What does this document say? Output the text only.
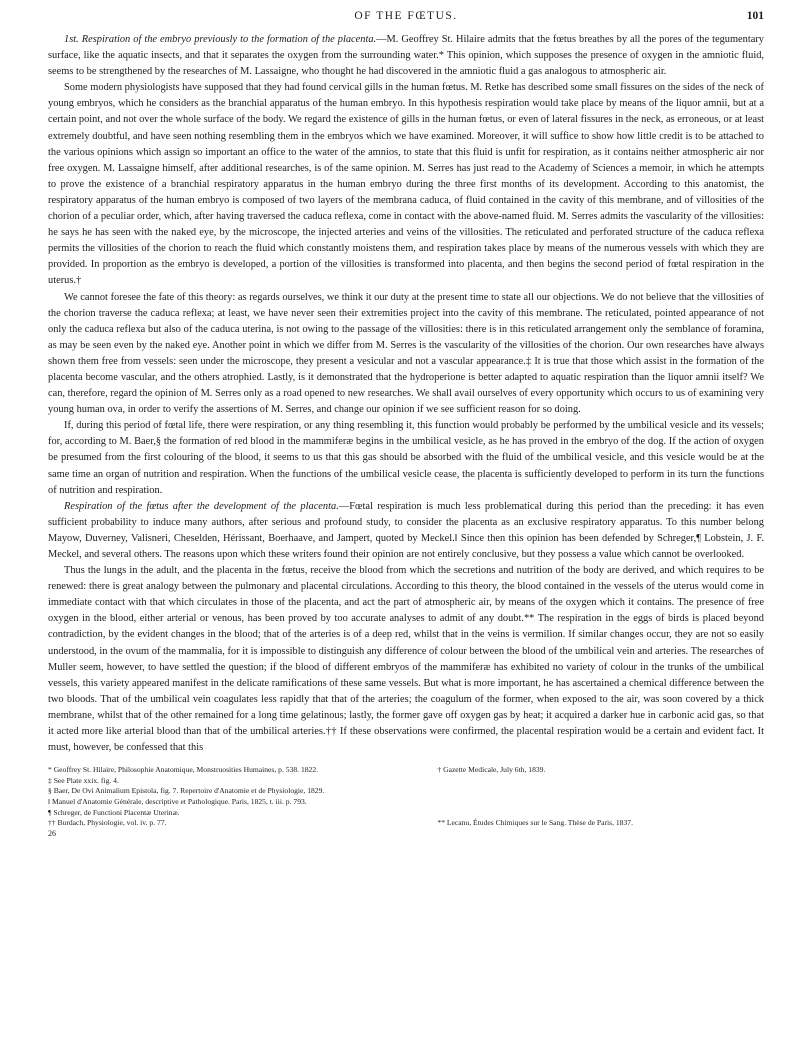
OF THE FŒTUS.	101

1st. Respiration of the embryo previously to the formation of the placenta.—M. Geoffrey St. Hilaire admits that the fœtus breathes by all the pores of the tegumentary surface, like the aquatic insects, and that it separates the oxygen from the surrounding water.* This opinion, which supposes the presence of oxygen in the amniotic fluid, seems to be strengthened by the researches of M. Lassaigne, who thought he had discovered in the amniotic fluid a gas analogous to atmospheric air.

Some modern physiologists have supposed that they had found cervical gills in the human fœtus. M. Retke has described some small fissures on the sides of the neck of young embryos, which he considers as the branchial apparatus of the human embryo. In this hypothesis respiration would take place by means of the liquor amnii, but at a certain point, and not over the whole surface of the body. We regard the existence of gills in the human fœtus, or even of lateral fissures in the neck, as erroneous, or at least extremely doubtful, and have seen nothing resembling them in the embryos which we have examined. Moreover, it will suffice to show how little credit is to be attached to the various opinions which assign so important an office to the water of the amnios, to state that this fluid is unfit for respiration, as it contains neither atmospheric air nor free oxygen. M. Lassaigne himself, after additional researches, is of the same opinion. M. Serres has just read to the Academy of Sciences a memoir, in which he attempts to prove the existence of a branchial respiratory apparatus in the human embryo during the three first months of its development. According to this anatomist, the respiratory apparatus of the human embryo is composed of two layers of the membrana caduca, of fluid contained in the cavity of this membrane, and of villosities of the chorion of a peculiar order, which, after having traversed the caduca reflexa, come in contact with the above-named fluid. M. Serres admits the vascularity of the villosities: he says he has seen with the naked eye, by the microscope, the injected arteries and veins of the villosities. The reticulated and perforated structure of the caduca reflexa permits the villosities of the chorion to reach the fluid which constantly moistens them, and respiration takes place by means of the numerous vessels with which they are provided. In proportion as the embryo is developed, a portion of the villosities is transformed into placenta, and then begins the second period of fœtal respiration in the uterus.†

We cannot foresee the fate of this theory: as regards ourselves, we think it our duty at the present time to state all our objections. We do not believe that the villosities of the chorion traverse the caduca reflexa; at least, we have never seen their extremities project into the cavity of this membrane. The reticulated, pointed appearance of not only the caduca reflexa but also of the caduca uterina, is not owing to the passage of the villosities: there is in this reticulated arrangement only the semblance of foramina, as may be seen even by the naked eye. Another point in which we differ from M. Serres is the vascularity of the villosities of the chorion. Our own researches have always shown them free from vessels: seen under the microscope, they present a vesicular and not a vascular appearance.‡ It is true that those which assist in the formation of the placenta become vascular, and the others atrophied. Lastly, is it demonstrated that the hydroperione is better adapted to aquatic respiration than the liquor amnii itself? We can, therefore, regard the opinion of M. Serres only as a road opened to new researches. We shall avail ourselves of every opportunity which occurs to us of examining very young human ova, in order to verify the assertions of M. Serres, and change our opinion if we see sufficient reason for so doing.

If, during this period of fœtal life, there were respiration, or any thing resembling it, this function would probably be performed by the umbilical vesicle and its vessels; for, according to M. Baer,§ the formation of red blood in the mammiferæ begins in the umbilical vesicle, as he has proved in the embryo of the dog. If the action of oxygen be presumed from the first colouring of the blood, it seems to us that this gas should be absorbed with the fluid of the umbilical vesicle, and this vesicle would be at the same time an organ of nutrition and respiration. When the functions of the umbilical vesicle cease, the placenta is sufficiently developed to perform in its turn the functions of nutrition and respiration.

Respiration of the fœtus after the development of the placenta.—Fœtal respiration is much less problematical during this period than the preceding: it has even sufficient probability to induce many authors, after serious and profound study, to consider the placenta as an exclusive respiratory apparatus. To this number belong Mayow, Duverney, Valisneri, Cheselden, Hérissant, Boerhaave, and Jampert, quoted by Meckel.‖ Since then this opinion has been defended by Schreger,¶ Lobstein, J. F. Meckel, and several others. The reasons upon which these writers found their opinion are not entirely conclusive, but they possess a value which cannot be overlooked.

Thus the lungs in the adult, and the placenta in the fœtus, receive the blood from which the secretions and nutrition of the body are derived, and which requires to be renewed: there is great analogy between the pulmonary and placental circulations. According to this theory, the blood contained in the vessels of the uterus would come in immediate contact with that which circulates in those of the placenta, and act the part of atmospheric air, by means of the oxygen which it contains. The presence of free oxygen in the blood, either arterial or venous, has been proved by too accurate analyses to admit of any doubt.** The respiration in the eggs of birds is placed beyond contradiction, by the evident changes in the blood; that of the arteries is of a deep red, whilst that in the veins is vermilion. If similar changes occur, they are not so easily understood, in the ovum of the mammalia, for it is impossible to distinguish any difference of colour between the blood of the umbilical vein and arteries. The researches of Muller seem, however, to have settled the question; if the blood of different embryos of the mammiferæ has exhibited no variety of colour in the trunks of the umbilical vessels, this variety appeared manifest in the delicate ramifications of these same vessels. But what is more important, he has ascertained a chemical difference between the two bloods. That of the umbilical vein coagulates less rapidly that that of the arteries; the coagulum of the former, when exposed to the air, was soon covered by a thick membrane, whilst that of the other remained for a long time gelatinous; lastly, the former gave off oxygen gas by heat; it acquired a darker hue in carbonic acid gas, so that it acted more like arterial blood than that of the umbilical arteries.†† If these observations were confirmed, the placental respiration would be a certain and evident fact. It must, however, be confessed that this

* Geoffrey St. Hilaire, Philosophie Anatomique, Monstruosities Humaines, p. 538. 1822.
‡ See Plate xxix. fig. 4.
§ Baer, De Ovi Animalium Epistola, fig. 7. Repertoire d'Anatomie et de Physiologie, 1829.
‖ Manuel d'Anatomie Générale, descriptive et Pathologique. Paris, 1825, t. iii. p. 793.
¶ Schreger, de Functioni Placentæ Uterinæ.
†† Burdach, Physiologie, vol. iv. p. 77.
26
† Gazette Medicale, July 6th, 1839.
** Lecanu, Études Chimiques sur le Sang. Thèse de Paris, 1837.
